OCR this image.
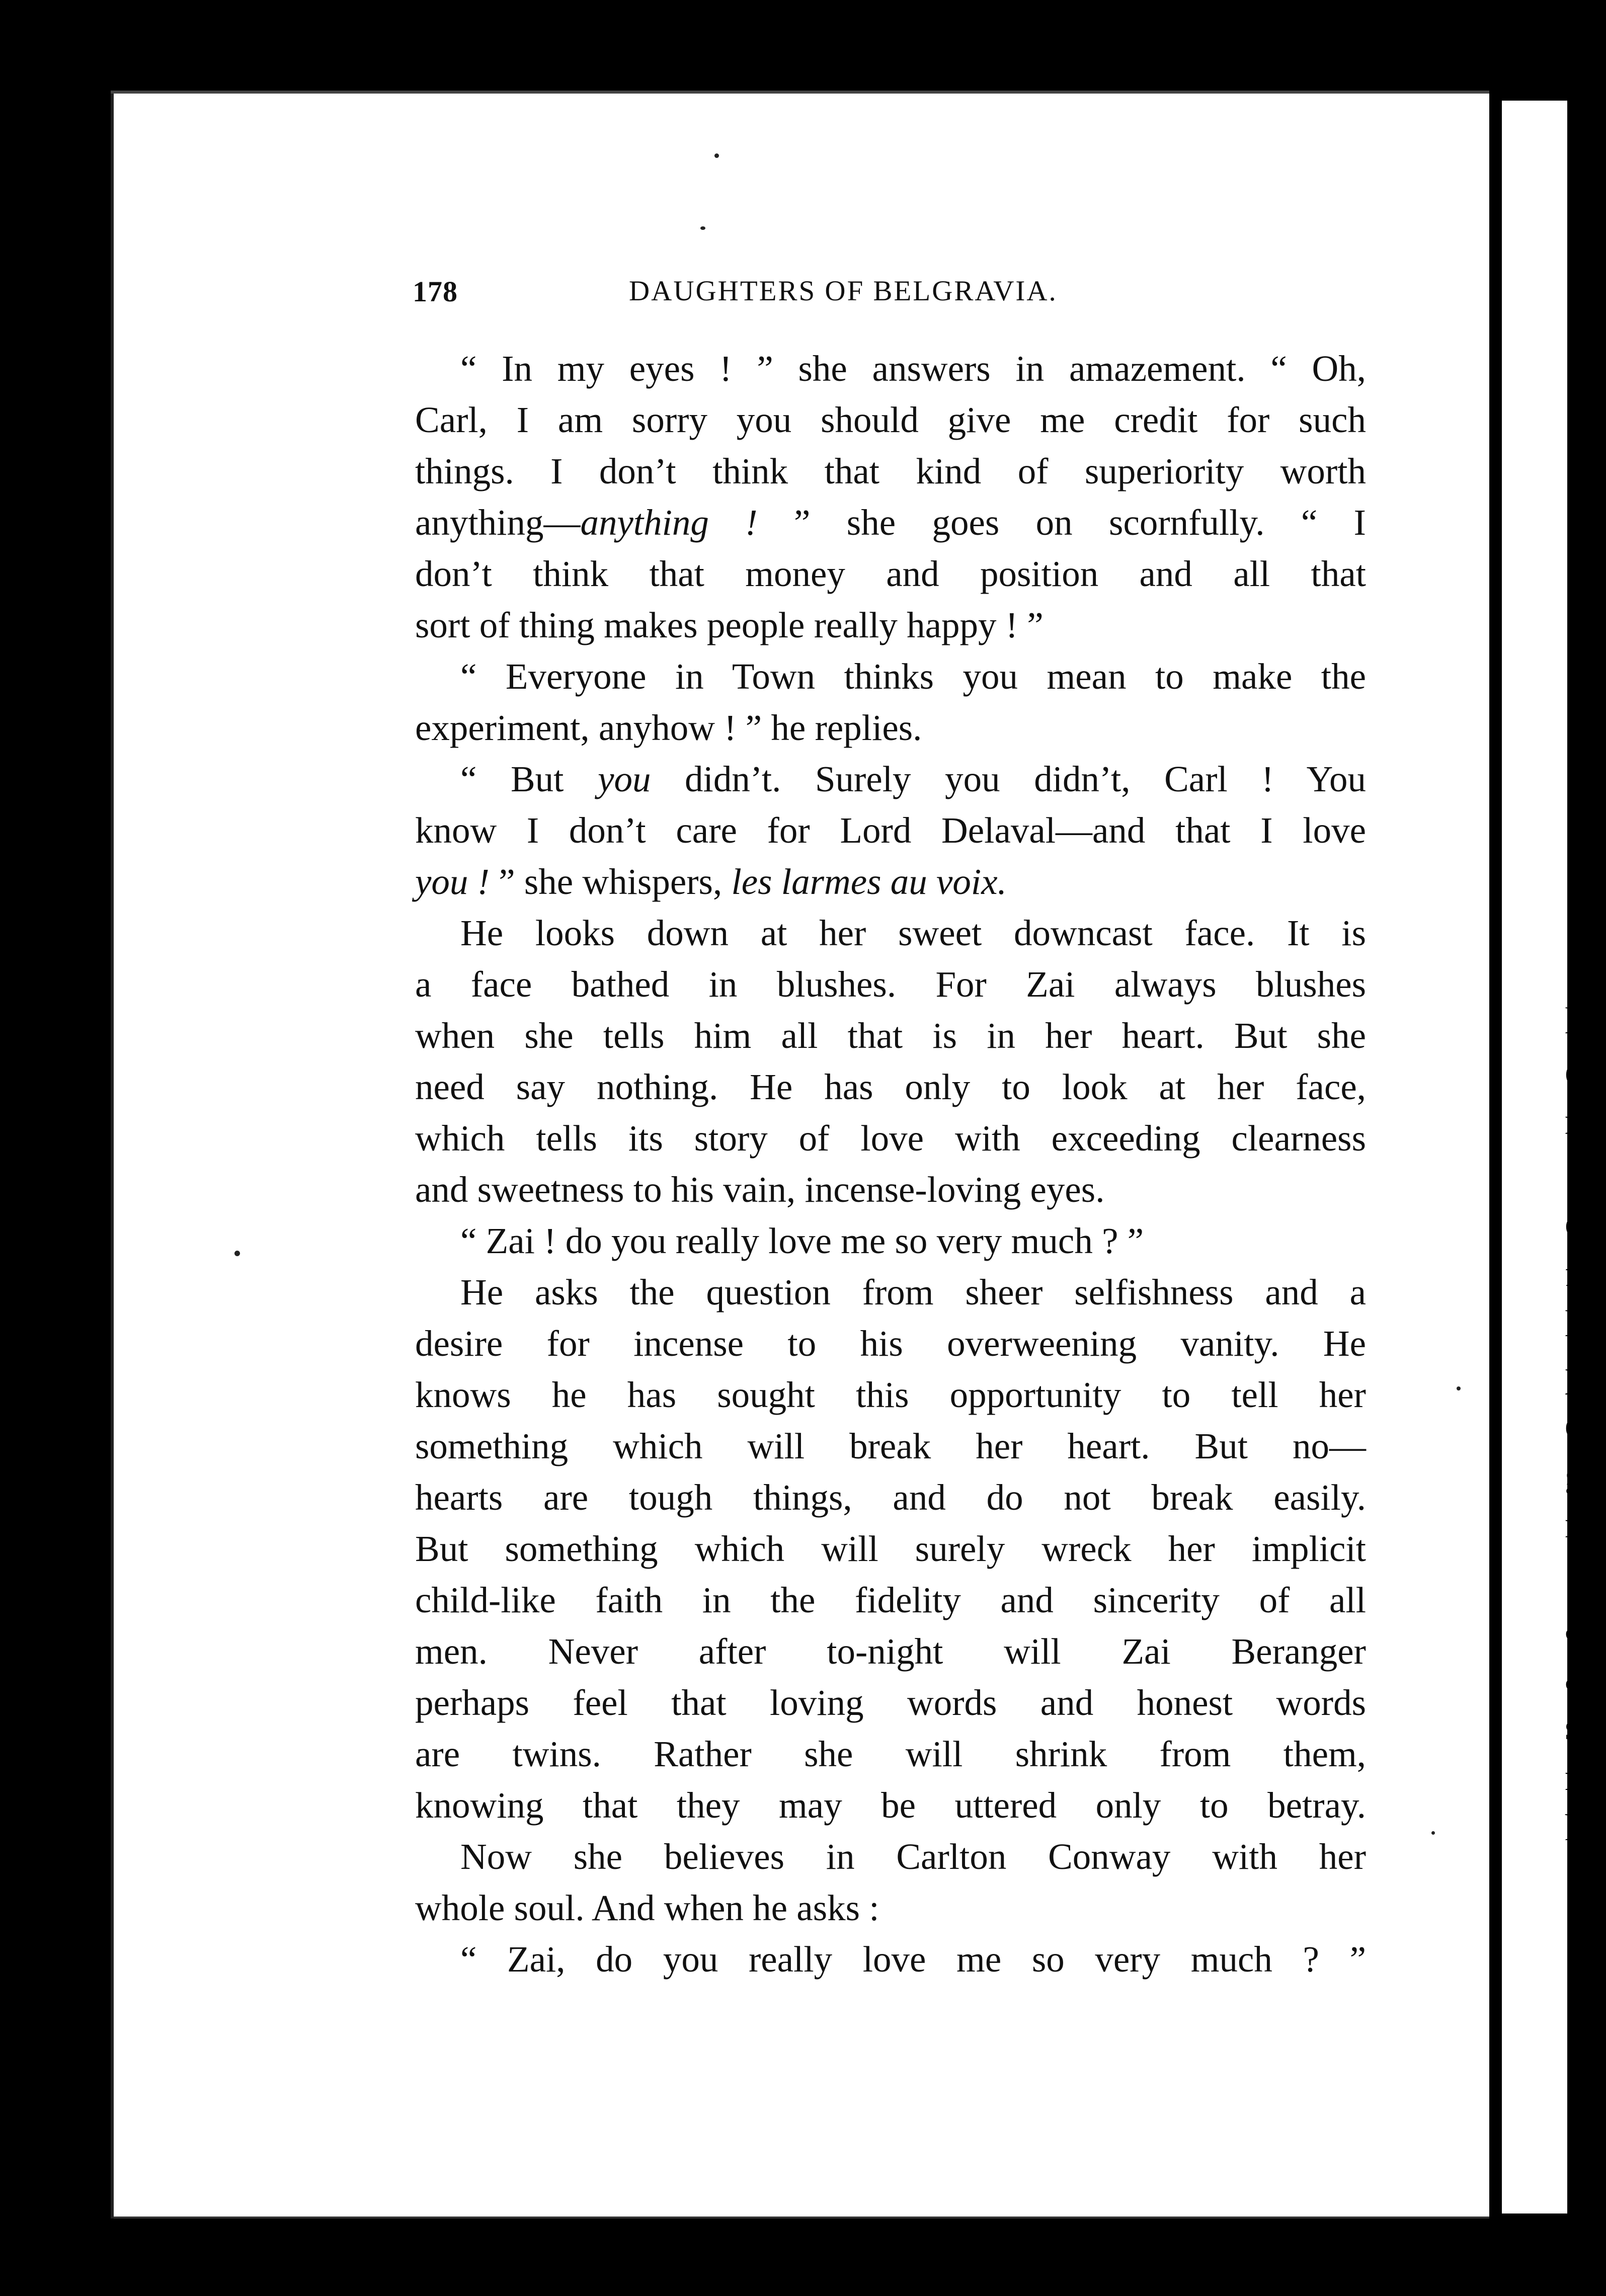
l
e
r
c
f
l
p
d
g
n
a
a
s
m
h
178	DAUGHTERS OF BELGRAVIA.
“ In my eyes ! ” she answers in amazement. “ Oh,
Carl, I am sorry you should give me credit for such
things. I don’t think that kind of superiority worth
anything—anything ! ” she goes on scornfully. “ I
don’t think that money and position and all that
sort of thing makes people really happy ! ”
“ Everyone in Town thinks you mean to make the
experiment, anyhow ! ” he replies.
“ But you didn’t. Surely you didn’t, Carl ! You
know I don’t care for Lord Delaval—and that I love
you ! ” she whispers, les larmes au voix.
He looks down at her sweet downcast face. It is
a face bathed in blushes. For Zai always blushes
when she tells him all that is in her heart. But she
need say nothing. He has only to look at her face,
which tells its story of love with exceeding clearness
and sweetness to his vain, incense-loving eyes.
“ Zai ! do you really love me so very much ? ”
He asks the question from sheer selfishness and a
desire for incense to his overweening vanity. He
knows he has sought this opportunity to tell her
something which will break her heart. But no—
hearts are tough things, and do not break easily.
But something which will surely wreck her implicit
child-like faith in the fidelity and sincerity of all
men. Never after to-night will Zai Beranger
perhaps feel that loving words and honest words
are twins. Rather she will shrink from them,
knowing that they may be uttered only to betray.
Now she believes in Carlton Conway with her
whole soul. And when he asks :
“ Zai, do you really love me so very much ? ”
